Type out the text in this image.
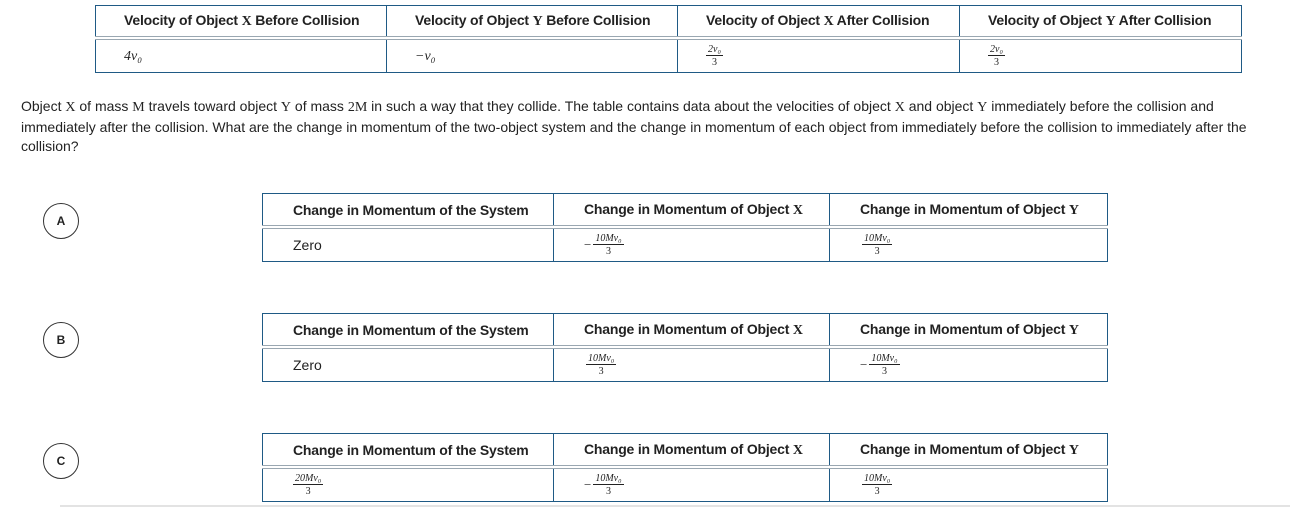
Velocity of Object X Before Collision	Velocity of Object Y Before Collision	Velocity of Object X After Collision	Velocity of Object Y After Collision
4v₀	−v₀	$\frac{\text{2v₀}}{3}$	$\frac{\text{2v₀}}{3}$

Object X of mass M travels toward object Y of mass 2M in such a way that they collide. The table contains data about the velocities of object X and object Y immediately before the collision and immediately after the collision. What are the change in momentum of the two-object system and the change in momentum of each object from immediately before the collision to immediately after the collision?

A
Change in Momentum of the System	Change in Momentum of Object X	Change in Momentum of Object Y
Zero	− $\frac{\text{10Mv₀}}{3}$	$\frac{\text{10Mv₀}}{3}$
B
Change in Momentum of the System	Change in Momentum of Object X	Change in Momentum of Object Y
Zero	$\frac{\text{10Mv₀}}{3}$	− $\frac{\text{10Mv₀}}{3}$
C
Change in Momentum of the System	Change in Momentum of Object X	Change in Momentum of Object Y

$\frac{\text{20Mv₀}}{3}$	− $\frac{\text{10Mv₀}}{3}$	$\frac{\text{10Mv₀}}{3}$
